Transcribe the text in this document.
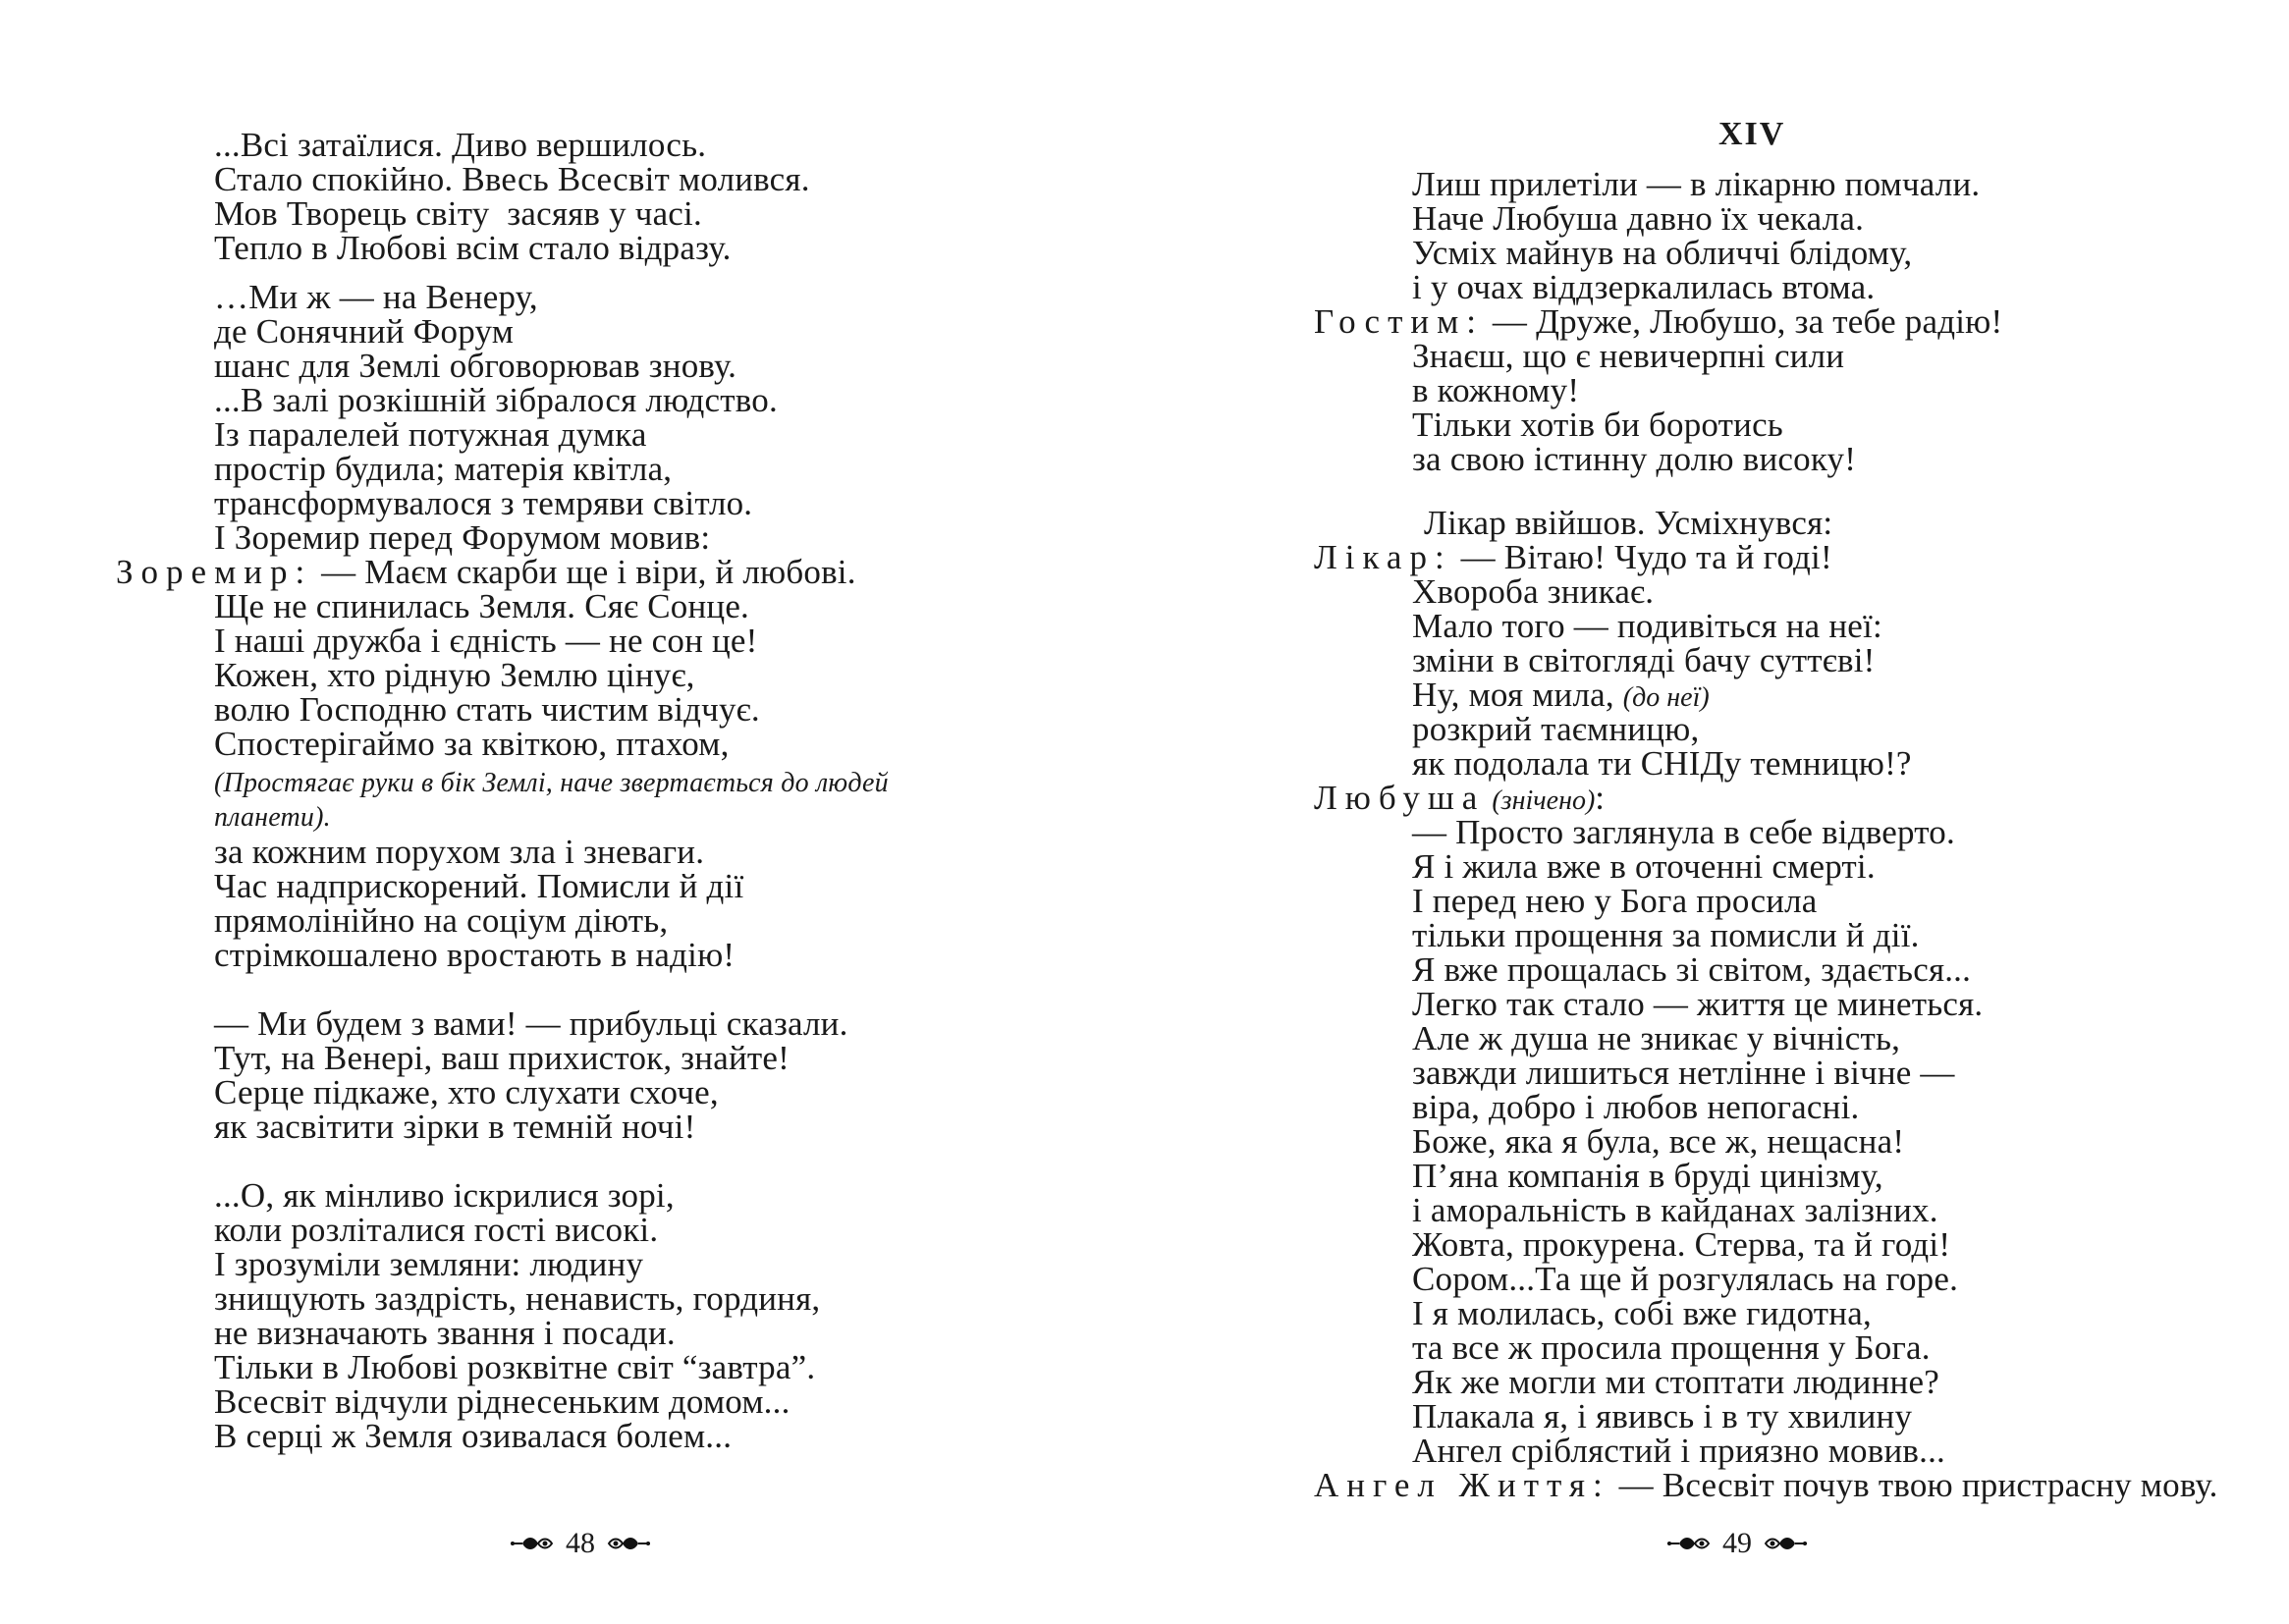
...Всі затаїлися. Диво вершилось.
Стало спокійно. Ввесь Всесвіт молився.
Мов Творець світу  засяяв у часі.
Тепло в Любові всім стало відразу.
…Ми ж — на Венеру,
де Сонячний Форум
шанс для Землі обговорював знову.
...В залі розкішній зібралося людство.
Із паралелей потужная думка
простір будила; матерія квітла,
трансформувалося з темряви світло.
І Зоремир перед Форумом мовив:
Зоремир: — Маєм скарби ще і віри, й любові.
Ще не спинилась Земля. Сяє Сонце.
І наші дружба і єдність — не сон це!
Кожен, хто рідную Землю цінує,
волю Господню стать чистим відчує.
Спостерігаймо за квіткою, птахом,
(Простягає руки в бік Землі, наче звертається до людей
планети).
за кожним порухом зла і зневаги.
Час надприскорений. Помисли й дії
прямолінійно на соціум діють,
стрімкошалено вростають в надію!
— Ми будем з вами! — прибульці сказали.
Тут, на Венері, ваш прихисток, знайте!
Серце підкаже, хто слухати схоче,
як засвітити зірки в темній ночі!
...О, як мінливо іскрилися зорі,
коли розліталися гості високі.
І зрозуміли земляни: людину
знищують заздрість, ненависть, гординя,
не визначають звання і посади.
Тільки в Любові розквітне світ “завтра”.
Всесвіт відчули ріднесеньким домом...
В серці ж Земля озивалася болем...
48
XIV
Лиш прилетіли — в лікарню помчали.
Наче Любуша давно їх чекала.
Усміх майнув на обличчі блідому,
і у очах віддзеркалилась втома.
Гостим: — Друже, Любушо, за тебе радію!
Знаєш, що є невичерпні сили
в кожному!
Тільки хотів би боротись
за свою істинну долю високу!
Лікар ввійшов. Усміхнувся:
Лікар: — Вітаю! Чудо та й годі!
Хвороба зникає.
Мало того — подивіться на неї:
зміни в світогляді бачу суттєві!
Ну, моя мила, (до неї)
розкрий таємницю,
як подолала ти СНІДу темницю!?
Любуша (знічено):
— Просто заглянула в себе відверто.
Я і жила вже в оточенні смерті.
І перед нею у Бога просила
тільки прощення за помисли й дії.
Я вже прощалась зі світом, здається...
Легко так стало — життя це минеться.
Але ж душа не зникає у вічність,
завжди лишиться нетлінне і вічне —
віра, добро і любов непогасні.
Боже, яка я була, все ж, нещасна!
П’яна компанія в бруді цинізму,
і аморальність в кайданах залізних.
Жовта, прокурена. Стерва, та й годі!
Сором...Та ще й розгулялась на горе.
І я молилась, собі вже гидотна,
та все ж просила прощення у Бога.
Як же могли ми стоптати людинне?
Плакала я, і явивсь і в ту хвилину
Ангел сріблястий і приязно мовив...
Ангел Життя: — Всесвіт почув твою пристрасну мову.
49
